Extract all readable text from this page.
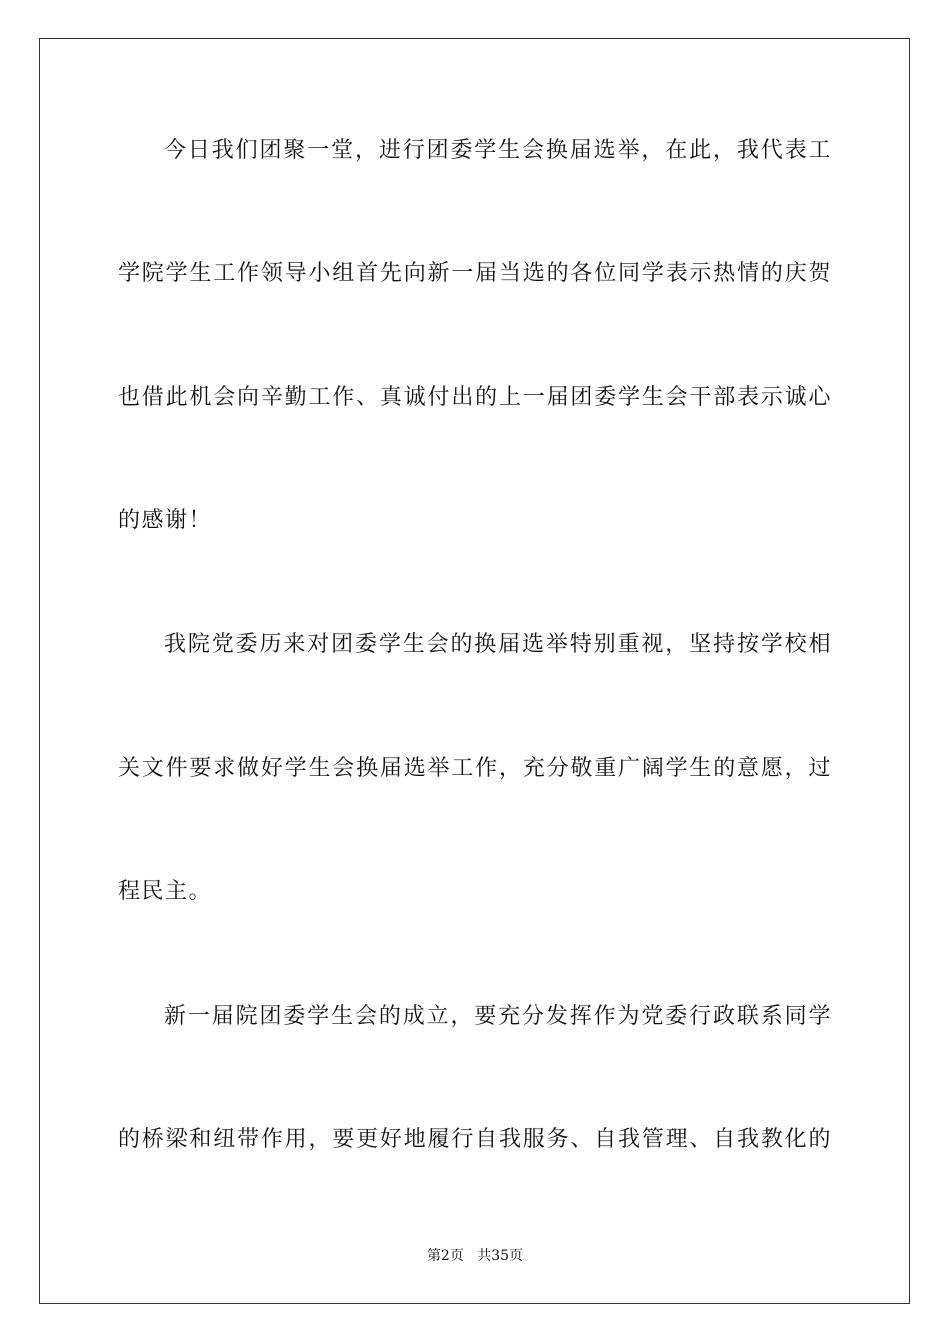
今日我们团聚一堂，进行团委学生会换届选举，在此，我代表工
学院学生工作领导小组首先向新一届当选的各位同学表示热情的庆贺
也借此机会向辛勤工作、真诚付出的上一届团委学生会干部表示诚心
的感谢！
我院党委历来对团委学生会的换届选举特别重视，坚持按学校相
关文件要求做好学生会换届选举工作，充分敬重广阔学生的意愿，过
程民主。
新一届院团委学生会的成立，要充分发挥作为党委行政联系同学
的桥梁和纽带作用，要更好地履行自我服务、自我管理、自我教化的
第2页 共35页
